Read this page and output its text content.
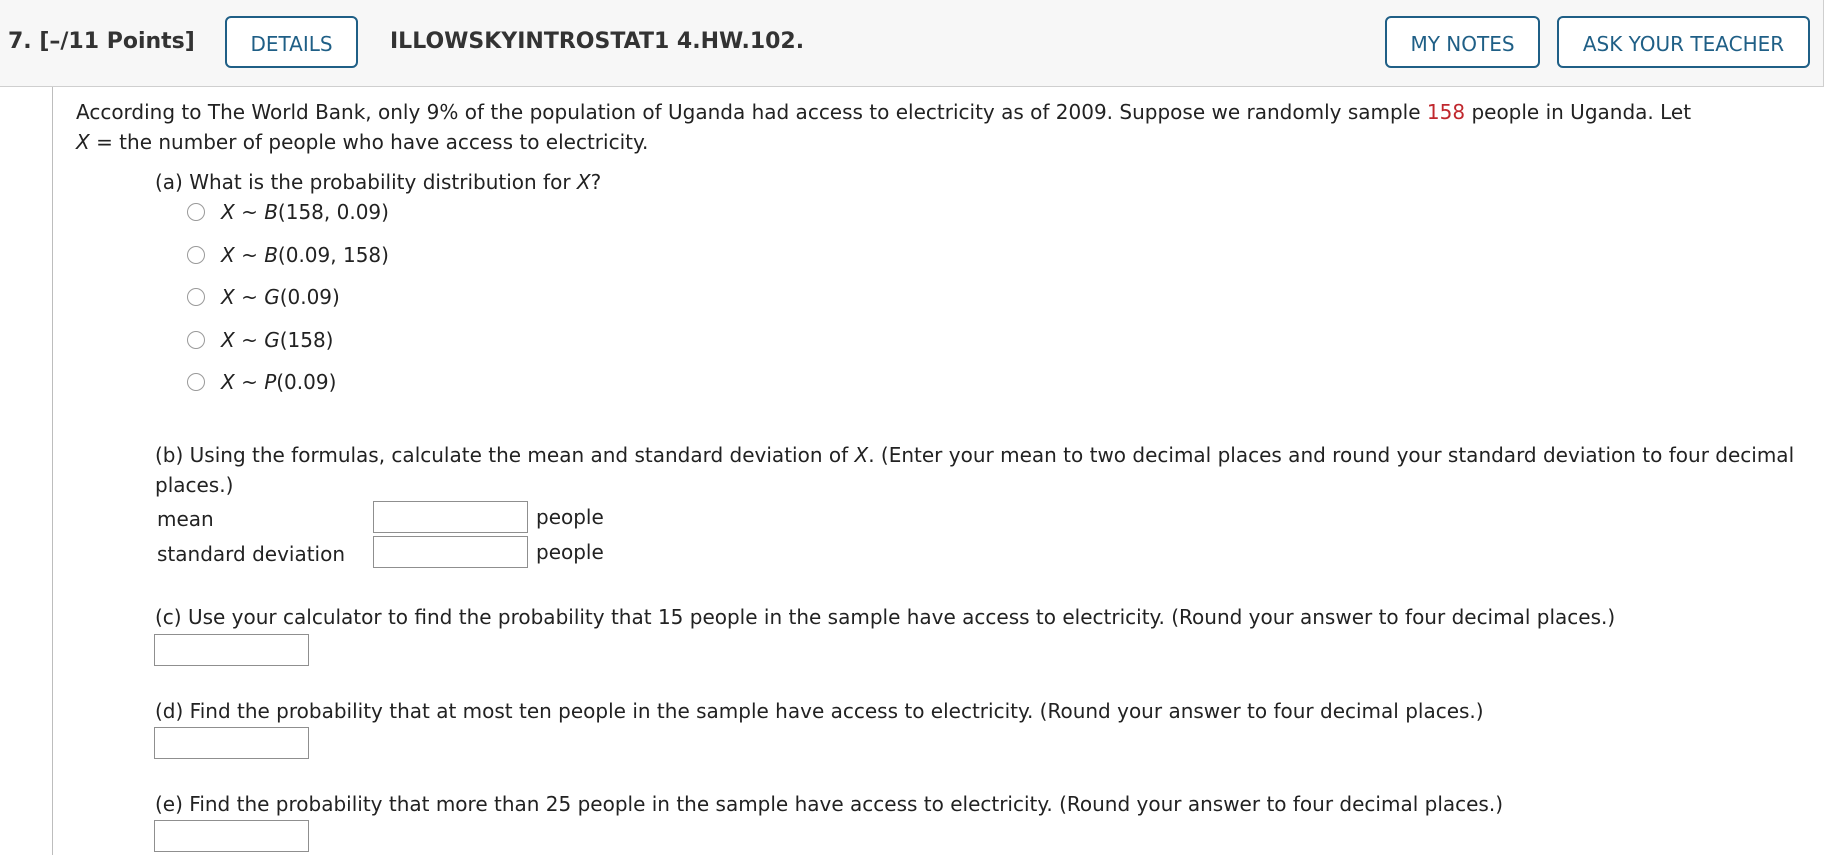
7. [–/11 Points]	DETAILS	ILLOWSKYINTROSTAT1 4.HW.102.	MY NOTES	ASK YOUR TEACHER
According to The World Bank, only 9% of the population of Uganda had access to electricity as of 2009. Suppose we randomly sample 158 people in Uganda. Let
X = the number of people who have access to electricity.
(a) What is the probability distribution for X?
X ~ B(158, 0.09)
X ~ B(0.09, 158)
X ~ G(0.09)
X ~ G(158)
X ~ P(0.09)
(b) Using the formulas, calculate the mean and standard deviation of X. (Enter your mean to two decimal places and round your standard deviation to four decimal
places.)
mean	people
standard deviation	people
(c) Use your calculator to find the probability that 15 people in the sample have access to electricity. (Round your answer to four decimal places.)
(d) Find the probability that at most ten people in the sample have access to electricity. (Round your answer to four decimal places.)
(e) Find the probability that more than 25 people in the sample have access to electricity. (Round your answer to four decimal places.)
